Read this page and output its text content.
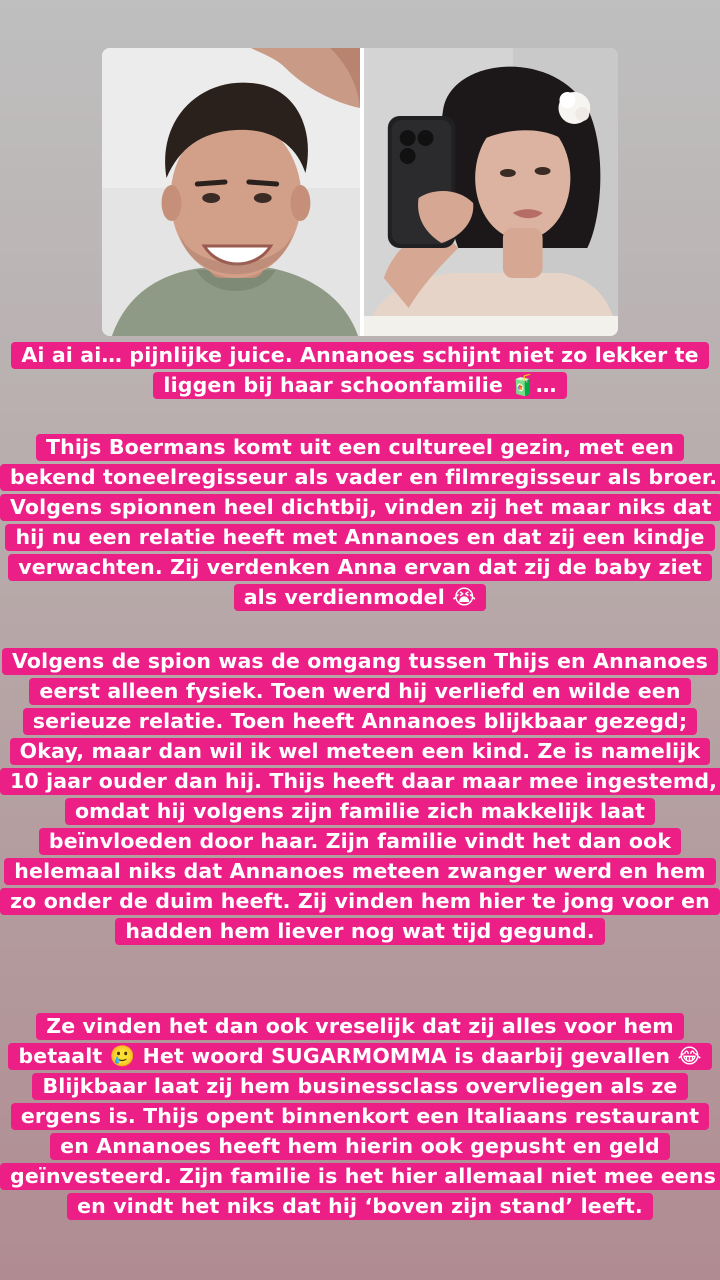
Ai ai ai… pijnlijke juice. Annanoes schijnt niet zo lekker te liggen bij haar schoonfamilie 🧃…
Thijs Boermans komt uit een cultureel gezin, met een bekend toneelregisseur als vader en filmregisseur als broer. Volgens spionnen heel dichtbij, vinden zij het maar niks dat hij nu een relatie heeft met Annanoes en dat zij een kindje verwachten. Zij verdenken Anna ervan dat zij de baby ziet als verdienmodel 😭
Volgens de spion was de omgang tussen Thijs en Annanoes eerst alleen fysiek. Toen werd hij verliefd en wilde een serieuze relatie. Toen heeft Annanoes blijkbaar gezegd; Okay, maar dan wil ik wel meteen een kind. Ze is namelijk 10 jaar ouder dan hij. Thijs heeft daar maar mee ingestemd, omdat hij volgens zijn familie zich makkelijk laat beïnvloeden door haar. Zijn familie vindt het dan ook helemaal niks dat Annanoes meteen zwanger werd en hem zo onder de duim heeft. Zij vinden hem hier te jong voor en hadden hem liever nog wat tijd gegund.
Ze vinden het dan ook vreselijk dat zij alles voor hem betaalt 🥲 Het woord SUGARMOMMA is daarbij gevallen 😂 Blijkbaar laat zij hem businessclass overvliegen als ze ergens is. Thijs opent binnenkort een Italiaans restaurant en Annanoes heeft hem hierin ook gepusht en geld geïnvesteerd. Zijn familie is het hier allemaal niet mee eens en vindt het niks dat hij ‘boven zijn stand’ leeft.
